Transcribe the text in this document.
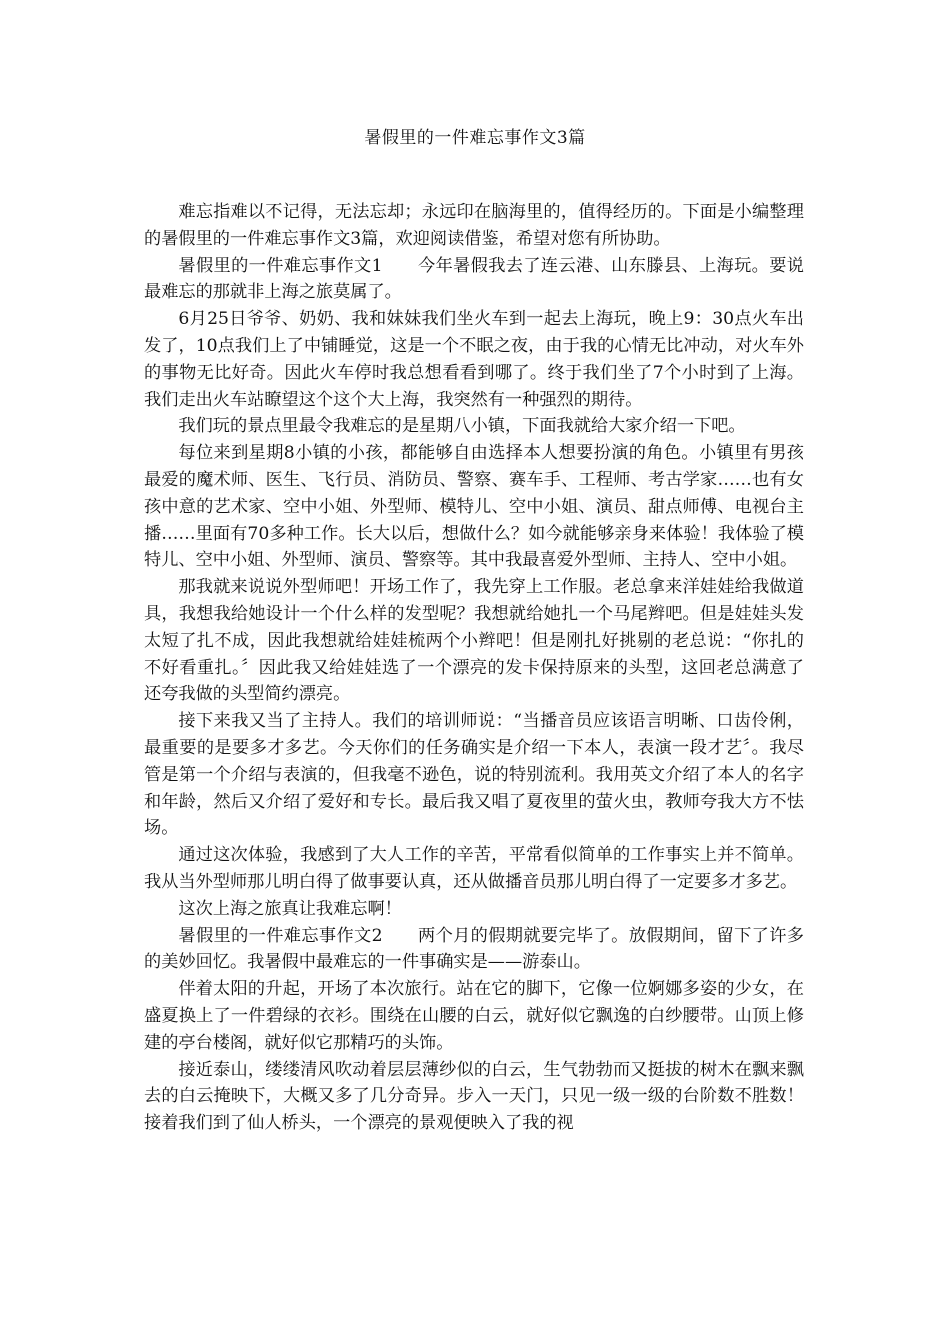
暑假里的一件难忘事作文3篇

难忘指难以不记得，无法忘却；永远印在脑海里的，值得经历的。下面是小编整理的暑假里的一件难忘事作文3篇，欢迎阅读借鉴，希望对您有所协助。

暑假里的一件难忘事作文1　　今年暑假我去了连云港、山东滕县、上海玩。要说最难忘的那就非上海之旅莫属了。

6月25日爷爷、奶奶、我和妹妹我们坐火车到一起去上海玩，晚上9：30点火车出发了，10点我们上了中铺睡觉，这是一个不眠之夜，由于我的心情无比冲动，对火车外的事物无比好奇。因此火车停时我总想看看到哪了。终于我们坐了7个小时到了上海。我们走出火车站瞭望这个这个大上海，我突然有一种强烈的期待。

我们玩的景点里最令我难忘的是星期八小镇，下面我就给大家介绍一下吧。

每位来到星期8小镇的小孩，都能够自由选择本人想要扮演的角色。小镇里有男孩最爱的魔术师、医生、飞行员、消防员、警察、赛车手、工程师、考古学家……也有女孩中意的艺术家、空中小姐、外型师、模特儿、空中小姐、演员、甜点师傅、电视台主播……里面有70多种工作。长大以后，想做什么？如今就能够亲身来体验！我体验了模特儿、空中小姐、外型师、演员、警察等。其中我最喜爱外型师、主持人、空中小姐。

那我就来说说外型师吧！开场工作了，我先穿上工作服。老总拿来洋娃娃给我做道具，我想我给她设计一个什么样的发型呢？我想就给她扎一个马尾辫吧。但是娃娃头发太短了扎不成，因此我想就给娃娃梳两个小辫吧！但是刚扎好挑剔的老总说：“你扎的不好看重扎。〞因此我又给娃娃选了一个漂亮的发卡保持原来的头型，这回老总满意了还夸我做的头型简约漂亮。

接下来我又当了主持人。我们的培训师说：“当播音员应该语言明晰、口齿伶俐，最重要的是要多才多艺。今天你们的任务确实是介绍一下本人，表演一段才艺〞。我尽管是第一个介绍与表演的，但我毫不逊色，说的特别流利。我用英文介绍了本人的名字和年龄，然后又介绍了爱好和专长。最后我又唱了夏夜里的萤火虫，教师夸我大方不怯场。

通过这次体验，我感到了大人工作的辛苦，平常看似简单的工作事实上并不简单。我从当外型师那儿明白得了做事要认真，还从做播音员那儿明白得了一定要多才多艺。

这次上海之旅真让我难忘啊！

暑假里的一件难忘事作文2　　两个月的假期就要完毕了。放假期间，留下了许多的美妙回忆。我暑假中最难忘的一件事确实是——游泰山。

伴着太阳的升起，开场了本次旅行。站在它的脚下，它像一位婀娜多姿的少女，在盛夏换上了一件碧绿的衣衫。围绕在山腰的白云，就好似它飘逸的白纱腰带。山顶上修建的亭台楼阁，就好似它那精巧的头饰。

接近泰山，缕缕清风吹动着层层薄纱似的白云，生气勃勃而又挺拔的树木在飘来飘去的白云掩映下，大概又多了几分奇异。步入一天门，只见一级一级的台阶数不胜数！接着我们到了仙人桥头，一个漂亮的景观便映入了我的视
